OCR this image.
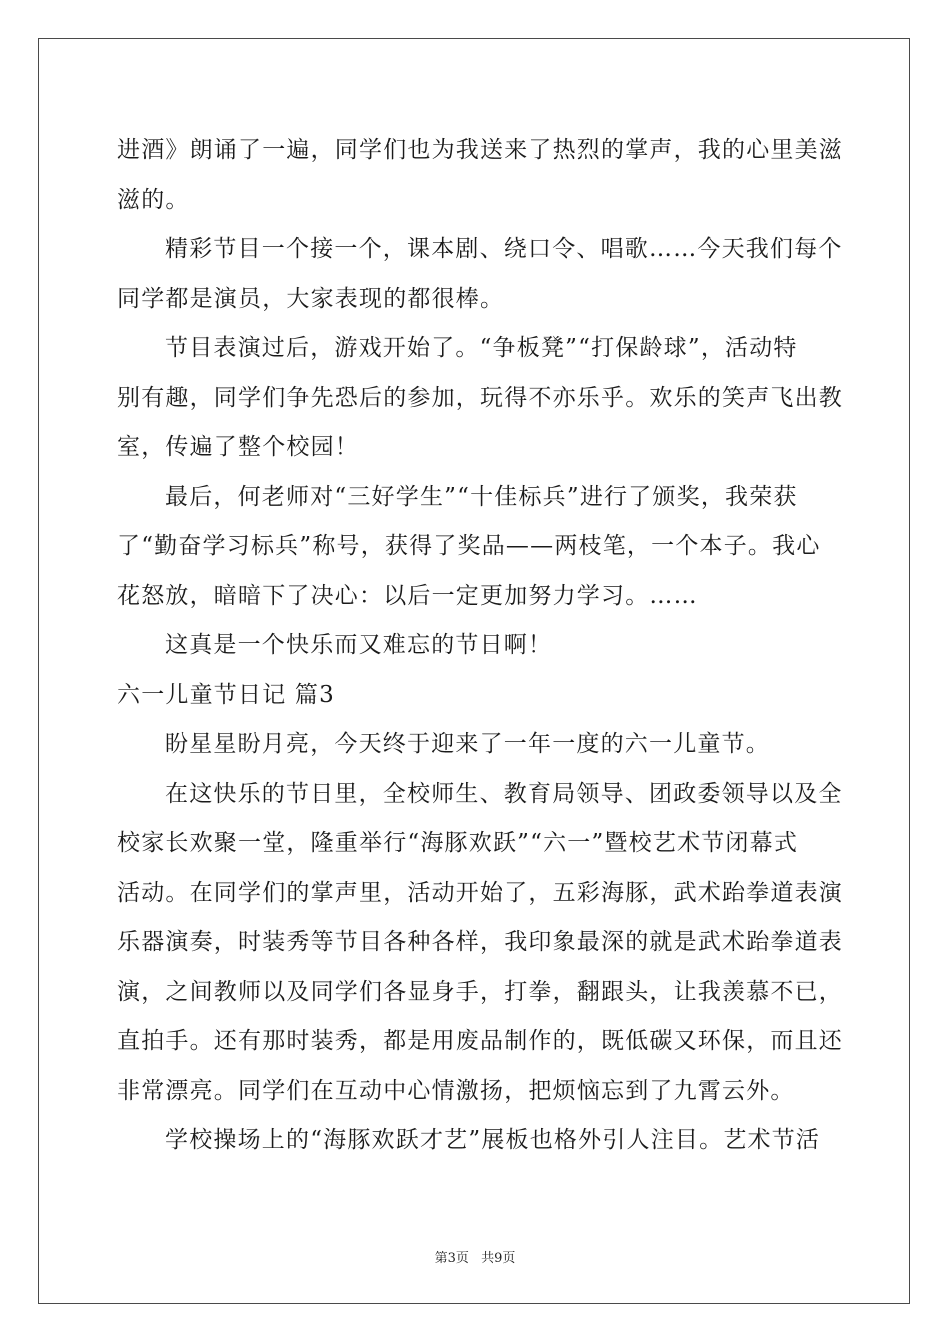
进酒》朗诵了一遍，同学们也为我送来了热烈的掌声，我的心里美滋
滋的。
精彩节目一个接一个，课本剧、绕口令、唱歌……今天我们每个
同学都是演员，大家表现的都很棒。
节目表演过后，游戏开始了。“争板凳”“打保龄球”，活动特
别有趣，同学们争先恐后的参加，玩得不亦乐乎。欢乐的笑声飞出教
室，传遍了整个校园！
最后，何老师对“三好学生”“十佳标兵”进行了颁奖，我荣获
了“勤奋学习标兵”称号，获得了奖品——两枝笔，一个本子。我心
花怒放，暗暗下了决心：以后一定更加努力学习。……
这真是一个快乐而又难忘的节日啊！
六一儿童节日记 篇3
盼星星盼月亮，今天终于迎来了一年一度的六一儿童节。
在这快乐的节日里，全校师生、教育局领导、团政委领导以及全
校家长欢聚一堂，隆重举行“海豚欢跃”“六一”暨校艺术节闭幕式
活动。在同学们的掌声里，活动开始了，五彩海豚，武术跆拳道表演
乐器演奏，时装秀等节目各种各样，我印象最深的就是武术跆拳道表
演，之间教师以及同学们各显身手，打拳，翻跟头，让我羡慕不已，
直拍手。还有那时装秀，都是用废品制作的，既低碳又环保，而且还
非常漂亮。同学们在互动中心情激扬，把烦恼忘到了九霄云外。
学校操场上的“海豚欢跃才艺”展板也格外引人注目。艺术节活
第3页 共9页
